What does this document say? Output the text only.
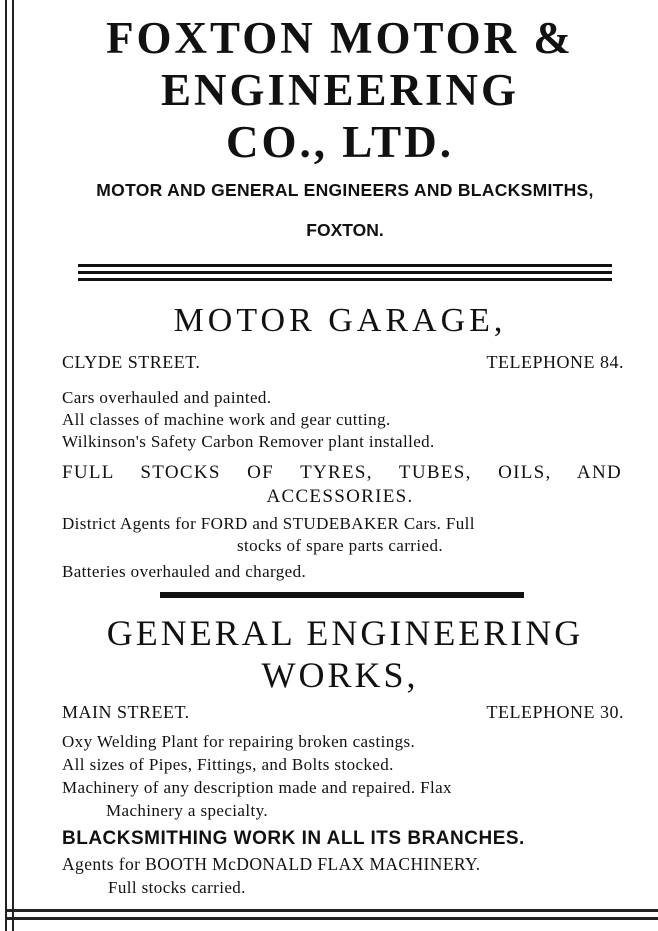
FOXTON MOTOR &
ENGINEERING
CO., LTD.
MOTOR AND GENERAL ENGINEERS AND BLACKSMITHS,
FOXTON.
MOTOR GARAGE,
CLYDE STREET.	TELEPHONE 84.
Cars overhauled and painted.
All classes of machine work and gear cutting.
Wilkinson's Safety Carbon Remover plant installed.
FULL STOCKS OF TYRES, TUBES, OILS, AND
ACCESSORIES.
District Agents for FORD and STUDEBAKER Cars. Full
stocks of spare parts carried.
Batteries overhauled and charged.
GENERAL ENGINEERING
WORKS,
MAIN STREET.	TELEPHONE 30.
Oxy Welding Plant for repairing broken castings.
All sizes of Pipes, Fittings, and Bolts stocked.
Machinery of any description made and repaired. Flax
Machinery a specialty.
BLACKSMITHING WORK IN ALL ITS BRANCHES.
Agents for BOOTH McDONALD FLAX MACHINERY.
Full stocks carried.
